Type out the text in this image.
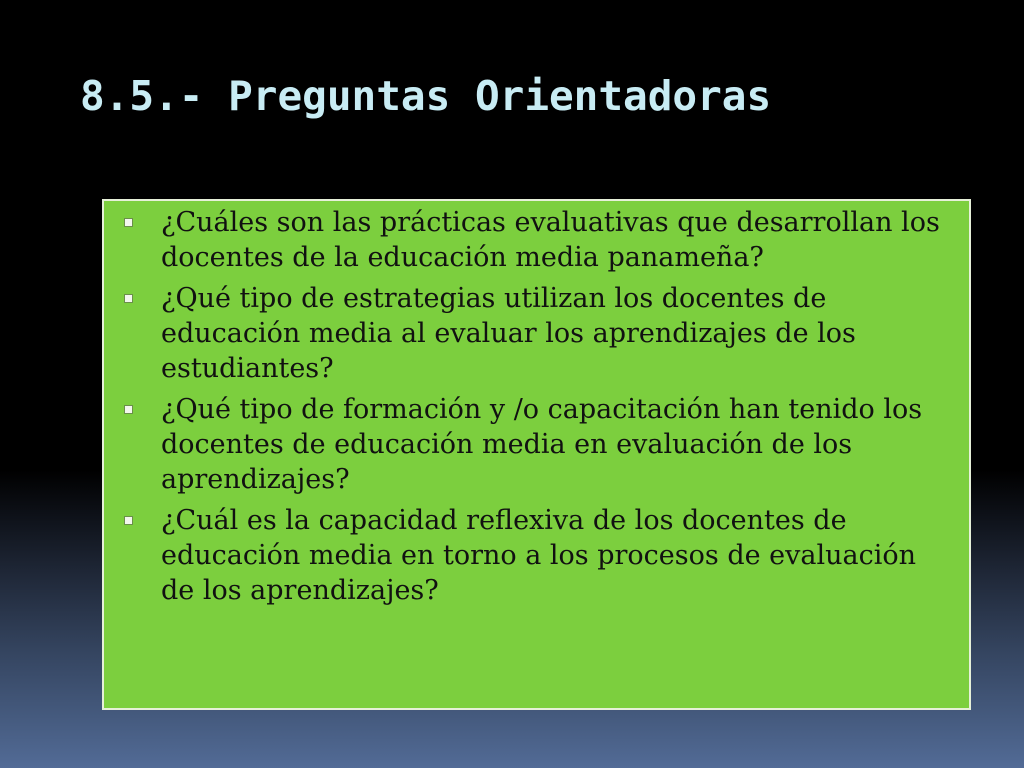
8.5.- Preguntas Orientadoras
¿Cuáles son las prácticas evaluativas que desarrollan los docentes de la educación media panameña?
¿Qué tipo de estrategias utilizan los docentes de educación media al evaluar los aprendizajes de los estudiantes?
¿Qué tipo de formación y /o capacitación han tenido los docentes de educación media en evaluación de los aprendizajes?
¿Cuál es la capacidad reflexiva de los docentes de educación media en torno a los procesos de evaluación de los aprendizajes?
